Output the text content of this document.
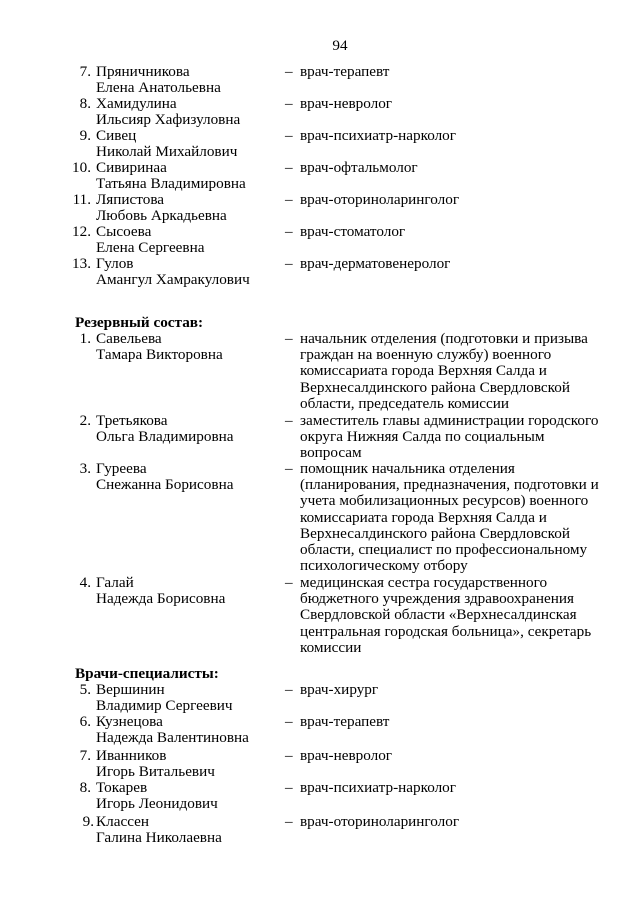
94
7. Пряничникова
Елена Анатольевна
– врач-терапевт
8. Хамидулина
Ильсияр Хафизуловна
– врач-невролог
9. Сивец
Николай Михайлович
– врач-психиатр-нарколог
10. Сивиринаа
Татьяна Владимировна
– врач-офтальмолог
11. Ляпистова
Любовь Аркадьевна
– врач-оториноларинголог
12. Сысоева
Елена Сергеевна
– врач-стоматолог
13. Гулов
Амангул Хамракулович
– врач-дерматовенеролог
Резервный состав:
1. Савельева
Тамара Викторовна
– начальник отделения (подготовки и призыва граждан на военную службу) военного комиссариата города Верхняя Салда и Верхнесалдинского района Свердловской области, председатель комиссии
2. Третьякова
Ольга Владимировна
– заместитель главы администрации городского округа Нижняя Салда по социальным вопросам
3. Гуреева
Снежанна Борисовна
– помощник начальника отделения (планирования, предназначения, подготовки и учета мобилизационных ресурсов) военного комиссариата города Верхняя Салда и Верхнесалдинского района Свердловской области, специалист по профессиональному психологическому отбору
4. Галай
Надежда Борисовна
– медицинская сестра государственного бюджетного учреждения здравоохранения Свердловской области «Верхнесалдинская центральная городская больница», секретарь комиссии
Врачи-специалисты:
5. Вершинин
Владимир Сергеевич
– врач-хирург
6. Кузнецова
Надежда Валентиновна
– врач-терапевт
7. Иванников
Игорь Витальевич
– врач-невролог
8. Токарев
Игорь Леонидович
– врач-психиатр-нарколог
9. Классен
Галина Николаевна
– врач-оториноларинголог
